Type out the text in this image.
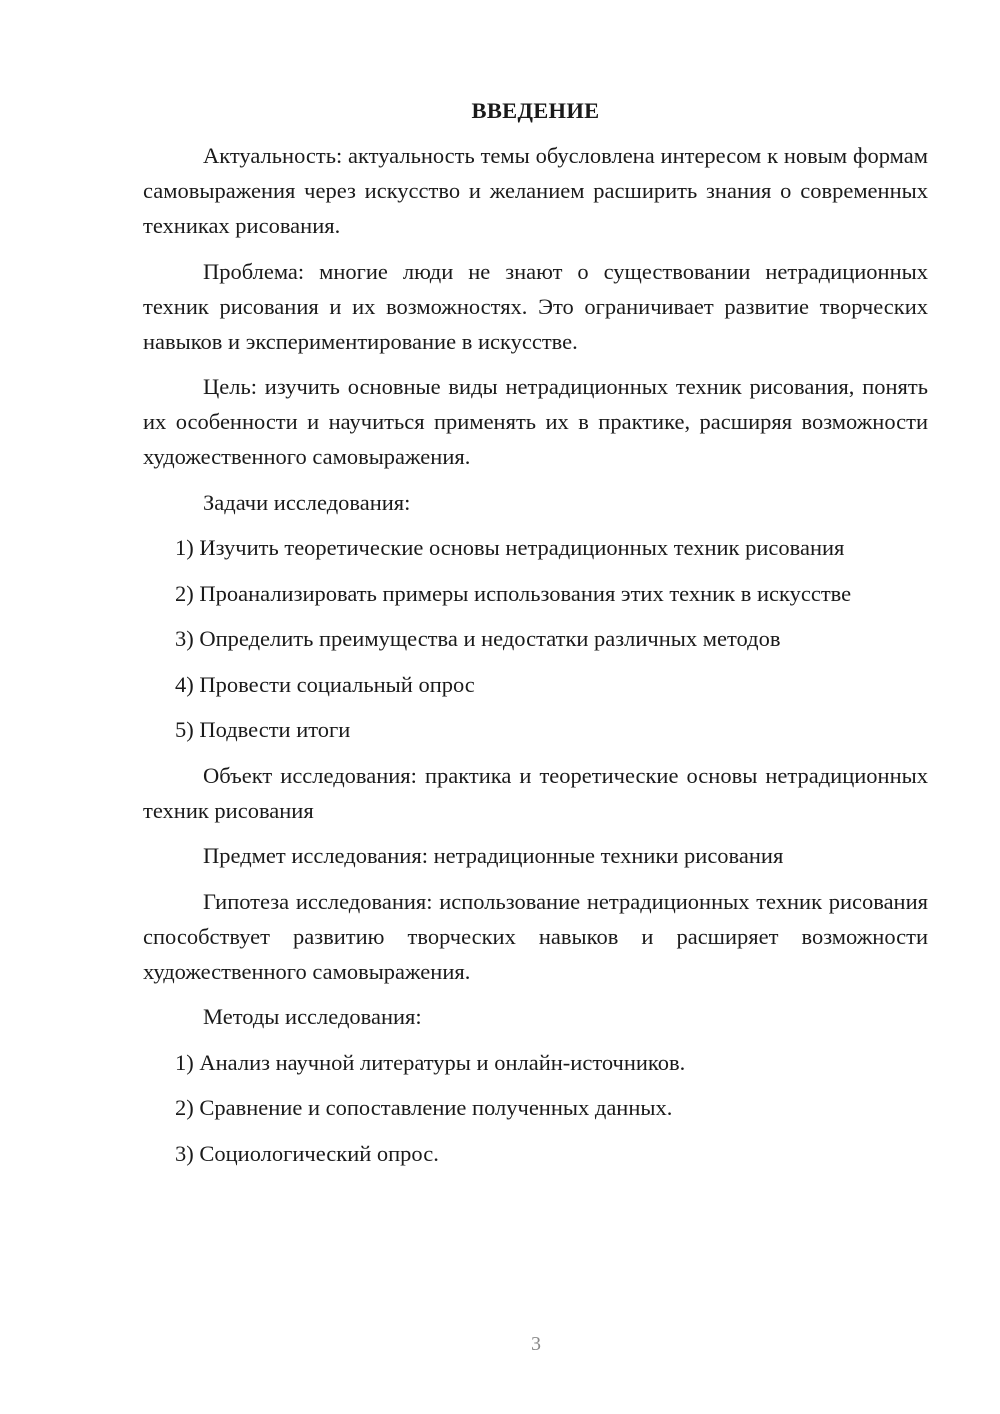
ВВЕДЕНИЕ

Актуальность: актуальность темы обусловлена интересом к новым формам самовыражения через искусство и желанием расширить знания о современных техниках рисования.

Проблема: многие люди не знают о существовании нетрадиционных техник рисования и их возможностях. Это ограничивает развитие творческих навыков и экспериментирование в искусстве.

Цель: изучить основные виды нетрадиционных техник рисования, понять их особенности и научиться применять их в практике, расширяя возможности художественного самовыражения.

Задачи исследования:

1) Изучить теоретические основы нетрадиционных техник рисования

2) Проанализировать примеры использования этих техник в искусстве

3) Определить преимущества и недостатки различных методов

4) Провести социальный опрос

5) Подвести итоги

Объект исследования: практика и теоретические основы нетрадиционных техник рисования

Предмет исследования: нетрадиционные техники рисования

Гипотеза исследования: использование нетрадиционных техник рисования способствует развитию творческих навыков и расширяет возможности художественного самовыражения.

Методы исследования:

1) Анализ научной литературы и онлайн-источников.

2) Сравнение и сопоставление полученных данных.

3) Социологический опрос.

3
